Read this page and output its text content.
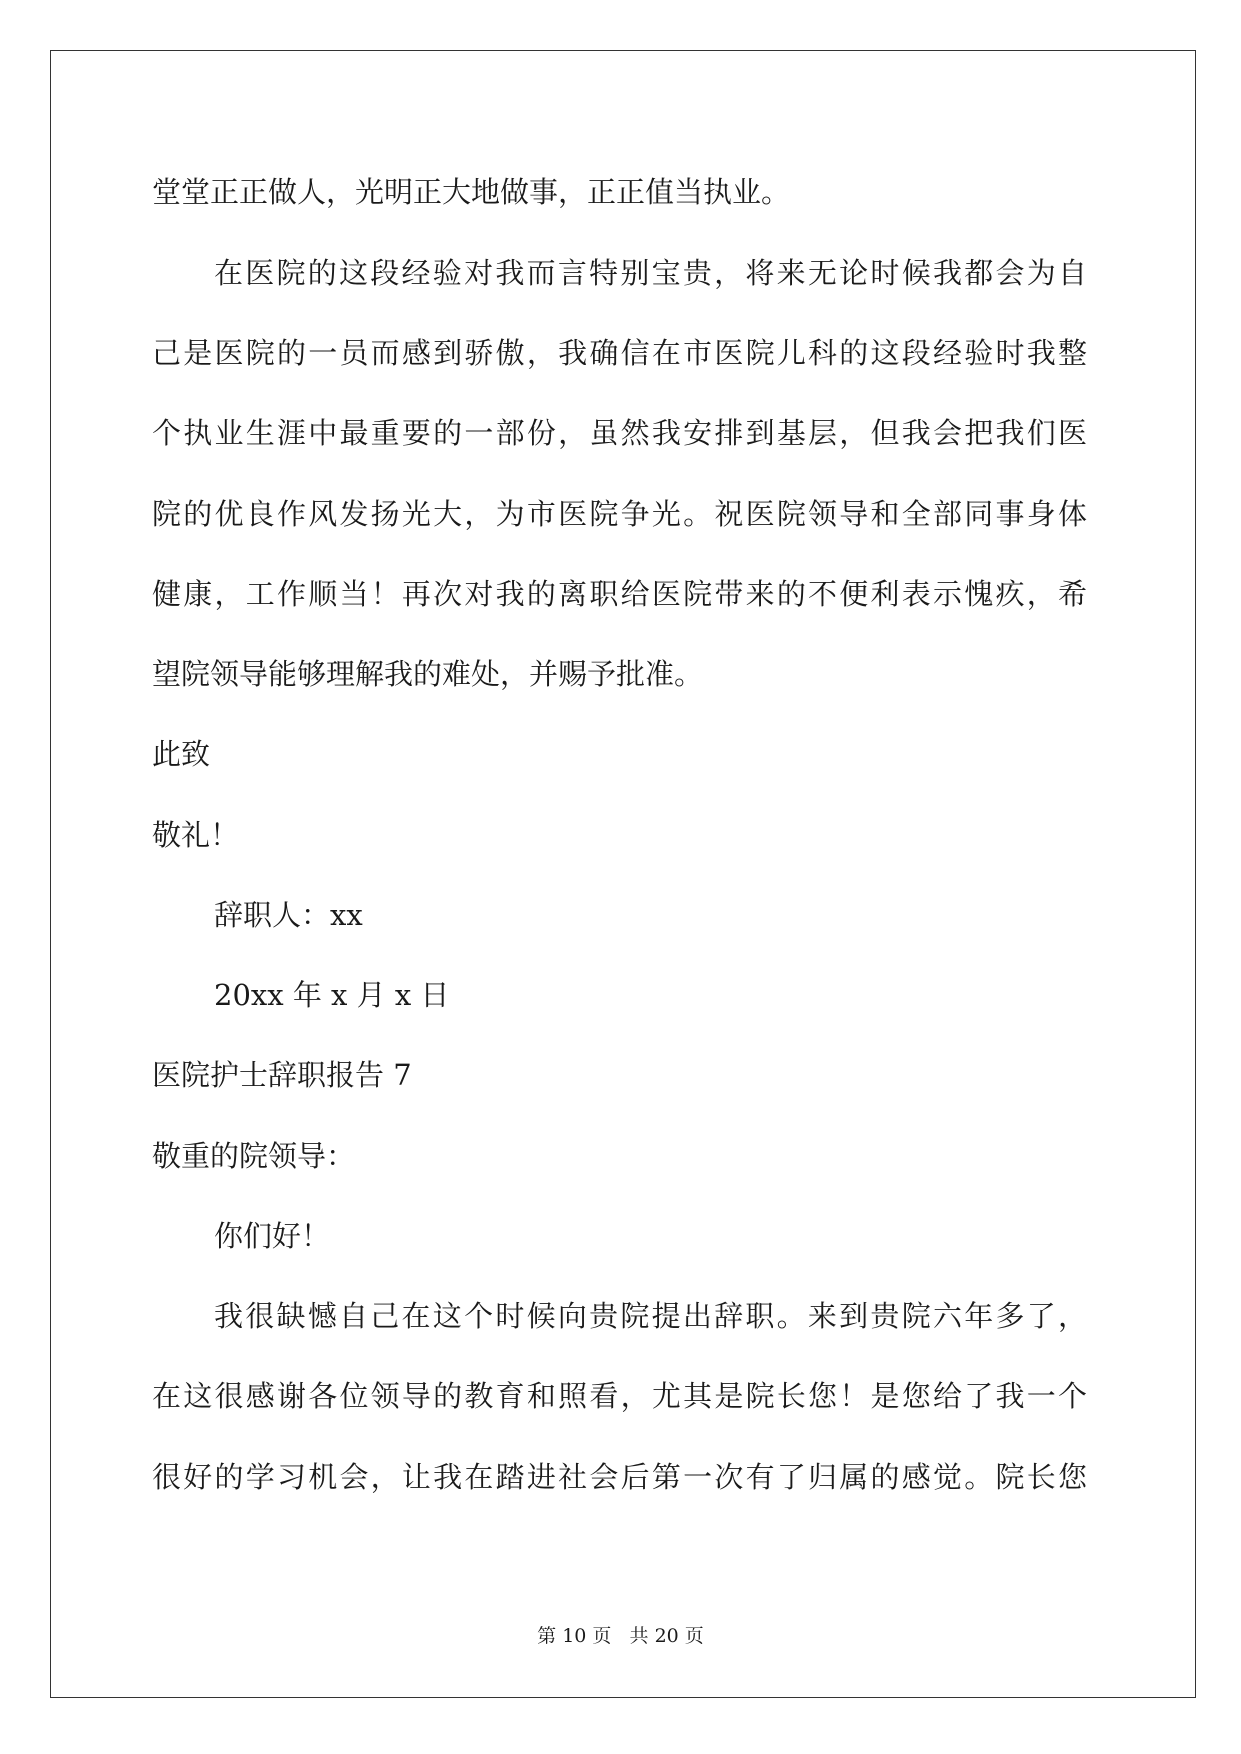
堂堂正正做人，光明正大地做事，正正值当执业。
在医院的这段经验对我而言特别宝贵，将来无论时候我都会为自
己是医院的一员而感到骄傲，我确信在市医院儿科的这段经验时我整
个执业生涯中最重要的一部份，虽然我安排到基层，但我会把我们医
院的优良作风发扬光大，为市医院争光。祝医院领导和全部同事身体
健康，工作顺当！再次对我的离职给医院带来的不便利表示愧疚，希
望院领导能够理解我的难处，并赐予批准。
此致
敬礼！
辞职人：xx
20xx 年 x 月 x 日
医院护士辞职报告 7
敬重的院领导：
你们好！
我很缺憾自己在这个时候向贵院提出辞职。来到贵院六年多了，
在这很感谢各位领导的教育和照看，尤其是院长您！是您给了我一个
很好的学习机会，让我在踏进社会后第一次有了归属的感觉。院长您
第 10 页   共 20 页
